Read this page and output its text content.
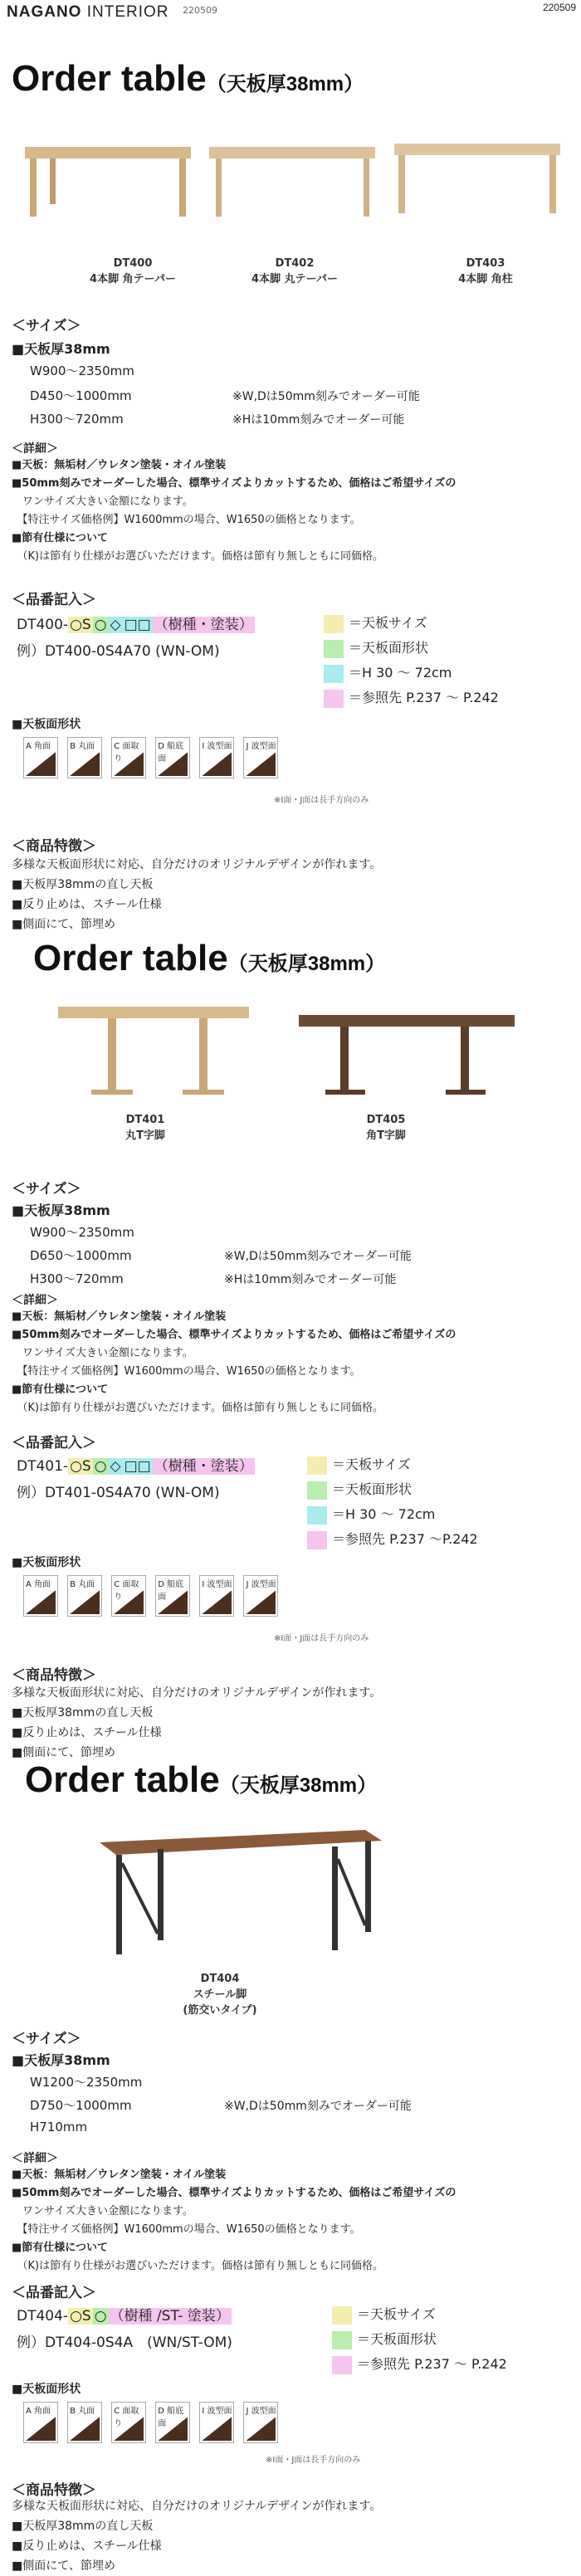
NAGANO INTERIOR 220509	220509
Order table（天板厚38mm）
DT400
4本脚 角テーパー
DT402
4本脚 丸テーパー
DT403
4本脚 角柱
＜サイズ＞
■天板厚38mm
W900～2350mm
D450～1000mm	※W,Dは50mm刻みでオーダー可能
H300～720mm	※Hは10mm刻みでオーダー可能
＜詳細＞
■天板：無垢材／ウレタン塗装・オイル塗装
■50mm刻みでオーダーした場合、標準サイズよりカットするため、価格はご希望サイズの
　ワンサイズ大きい金額になります。
　【特注サイズ価格例】W1600mmの場合、W1650の価格となります。
■節有仕様について
　（K)は節有り仕様がお選びいただけます。価格は節有り無しともに同価格。
＜品番記入＞
DT400- ○S ○ ◇ □□ （樹種・塗装）
例）DT400-0S4A70 (WN-OM)
＝天板サイズ
＝天板面形状
＝H 30 ～ 72cm
＝参照先 P.237 ～ P.242
■天板面形状
A 角面
B 丸面
C 面取り

D 船底面

I 波型面
J 波型面
※I面・J面は長手方向のみ
＜商品特徴＞
多様な天板面形状に対応、自分だけのオリジナルデザインが作れます。
■天板厚38mmの直し天板
■反り止めは、スチール仕様
■側面にて、節埋め
Order table（天板厚38mm）
DT401
丸T字脚
DT405
角T字脚
＜サイズ＞
■天板厚38mm
W900～2350mm
D650～1000mm	※W,Dは50mm刻みでオーダー可能
H300～720mm	※Hは10mm刻みでオーダー可能
＜詳細＞
■天板：無垢材／ウレタン塗装・オイル塗装
■50mm刻みでオーダーした場合、標準サイズよりカットするため、価格はご希望サイズの
　ワンサイズ大きい金額になります。
　【特注サイズ価格例】W1600mmの場合、W1650の価格となります。
■節有仕様について
　（K)は節有り仕様がお選びいただけます。価格は節有り無しともに同価格。
＜品番記入＞
DT401- ○S ○ ◇ □□ （樹種・塗装）
例）DT401-0S4A70 (WN-OM)
＝天板サイズ
＝天板面形状
＝H 30 ～ 72cm
＝参照先 P.237 ～P.242
■天板面形状
A 角面
B 丸面
C 面取り

D 船底面

I 波型面
J 波型面
※I面・J面は長手方向のみ
＜商品特徴＞
多様な天板面形状に対応、自分だけのオリジナルデザインが作れます。
■天板厚38mmの直し天板
■反り止めは、スチール仕様
■側面にて、節埋め
Order table（天板厚38mm）
DT404
スチール脚
(筋交いタイプ)
＜サイズ＞
■天板厚38mm
W1200～2350mm
D750～1000mm	※W,Dは50mm刻みでオーダー可能
H710mm
＜詳細＞
■天板：無垢材／ウレタン塗装・オイル塗装
■50mm刻みでオーダーした場合、標準サイズよりカットするため、価格はご希望サイズの
　ワンサイズ大きい金額になります。
　【特注サイズ価格例】W1600mmの場合、W1650の価格となります。
■節有仕様について
　（K)は節有り仕様がお選びいただけます。価格は節有り無しともに同価格。
＜品番記入＞
DT404- ○S ○ （樹種 /ST- 塗装）
例）DT404-0S4A　(WN/ST-OM)
＝天板サイズ
＝天板面形状
＝参照先 P.237 ～ P.242
■天板面形状
A 角面
B 丸面
C 面取り

D 船底面

I 波型面
J 波型面
※I面・J面は長手方向のみ
＜商品特徴＞
多様な天板面形状に対応、自分だけのオリジナルデザインが作れます。
■天板厚38mmの直し天板
■反り止めは、スチール仕様
■側面にて、節埋め
